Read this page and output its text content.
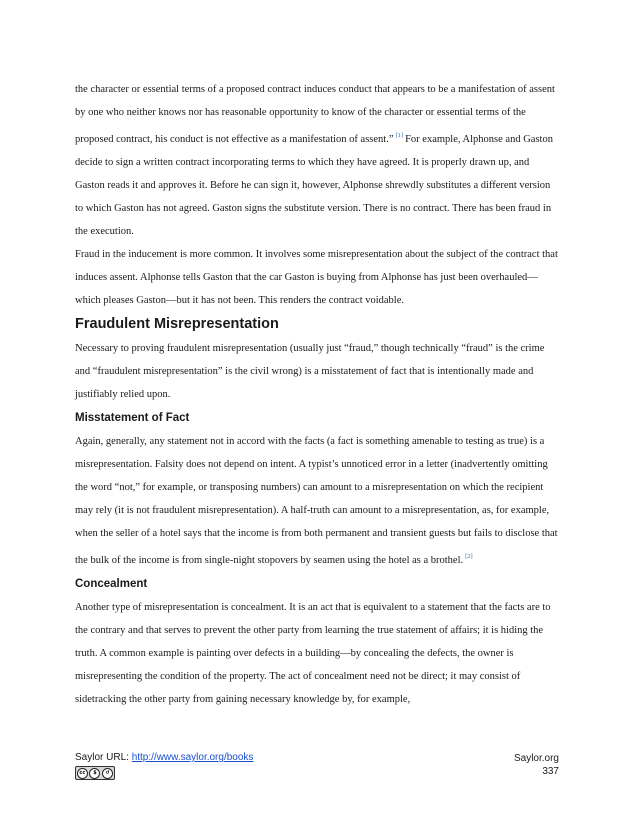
the character or essential terms of a proposed contract induces conduct that appears to be a manifestation of assent by one who neither knows nor has reasonable opportunity to know of the character or essential terms of the proposed contract, his conduct is not effective as a manifestation of assent.” [1] For example, Alphonse and Gaston decide to sign a written contract incorporating terms to which they have agreed. It is properly drawn up, and Gaston reads it and approves it. Before he can sign it, however, Alphonse shrewdly substitutes a different version to which Gaston has not agreed. Gaston signs the substitute version. There is no contract. There has been fraud in the execution.

Fraud in the inducement is more common. It involves some misrepresentation about the subject of the contract that induces assent. Alphonse tells Gaston that the car Gaston is buying from Alphonse has just been overhauled—which pleases Gaston—but it has not been. This renders the contract voidable.

Fraudulent Misrepresentation

Necessary to proving fraudulent misrepresentation (usually just “fraud,” though technically “fraud” is the crime and “fraudulent misrepresentation” is the civil wrong) is a misstatement of fact that is intentionally made and justifiably relied upon.

Misstatement of Fact

Again, generally, any statement not in accord with the facts (a fact is something amenable to testing as true) is a misrepresentation. Falsity does not depend on intent. A typist’s unnoticed error in a letter (inadvertently omitting the word “not,” for example, or transposing numbers) can amount to a misrepresentation on which the recipient may rely (it is not fraudulent misrepresentation). A half-truth can amount to a misrepresentation, as, for example, when the seller of a hotel says that the income is from both permanent and transient guests but fails to disclose that the bulk of the income is from single-night stopovers by seamen using the hotel as a brothel. [2]

Concealment

Another type of misrepresentation is concealment. It is an act that is equivalent to a statement that the facts are to the contrary and that serves to prevent the other party from learning the true statement of affairs; it is hiding the truth. A common example is painting over defects in a building—by concealing the defects, the owner is misrepresenting the condition of the property. The act of concealment need not be direct; it may consist of sidetracking the other party from gaining necessary knowledge by, for example,

Saylor URL: http://www.saylor.org/books
cc	$	↺
Saylor.org
337
